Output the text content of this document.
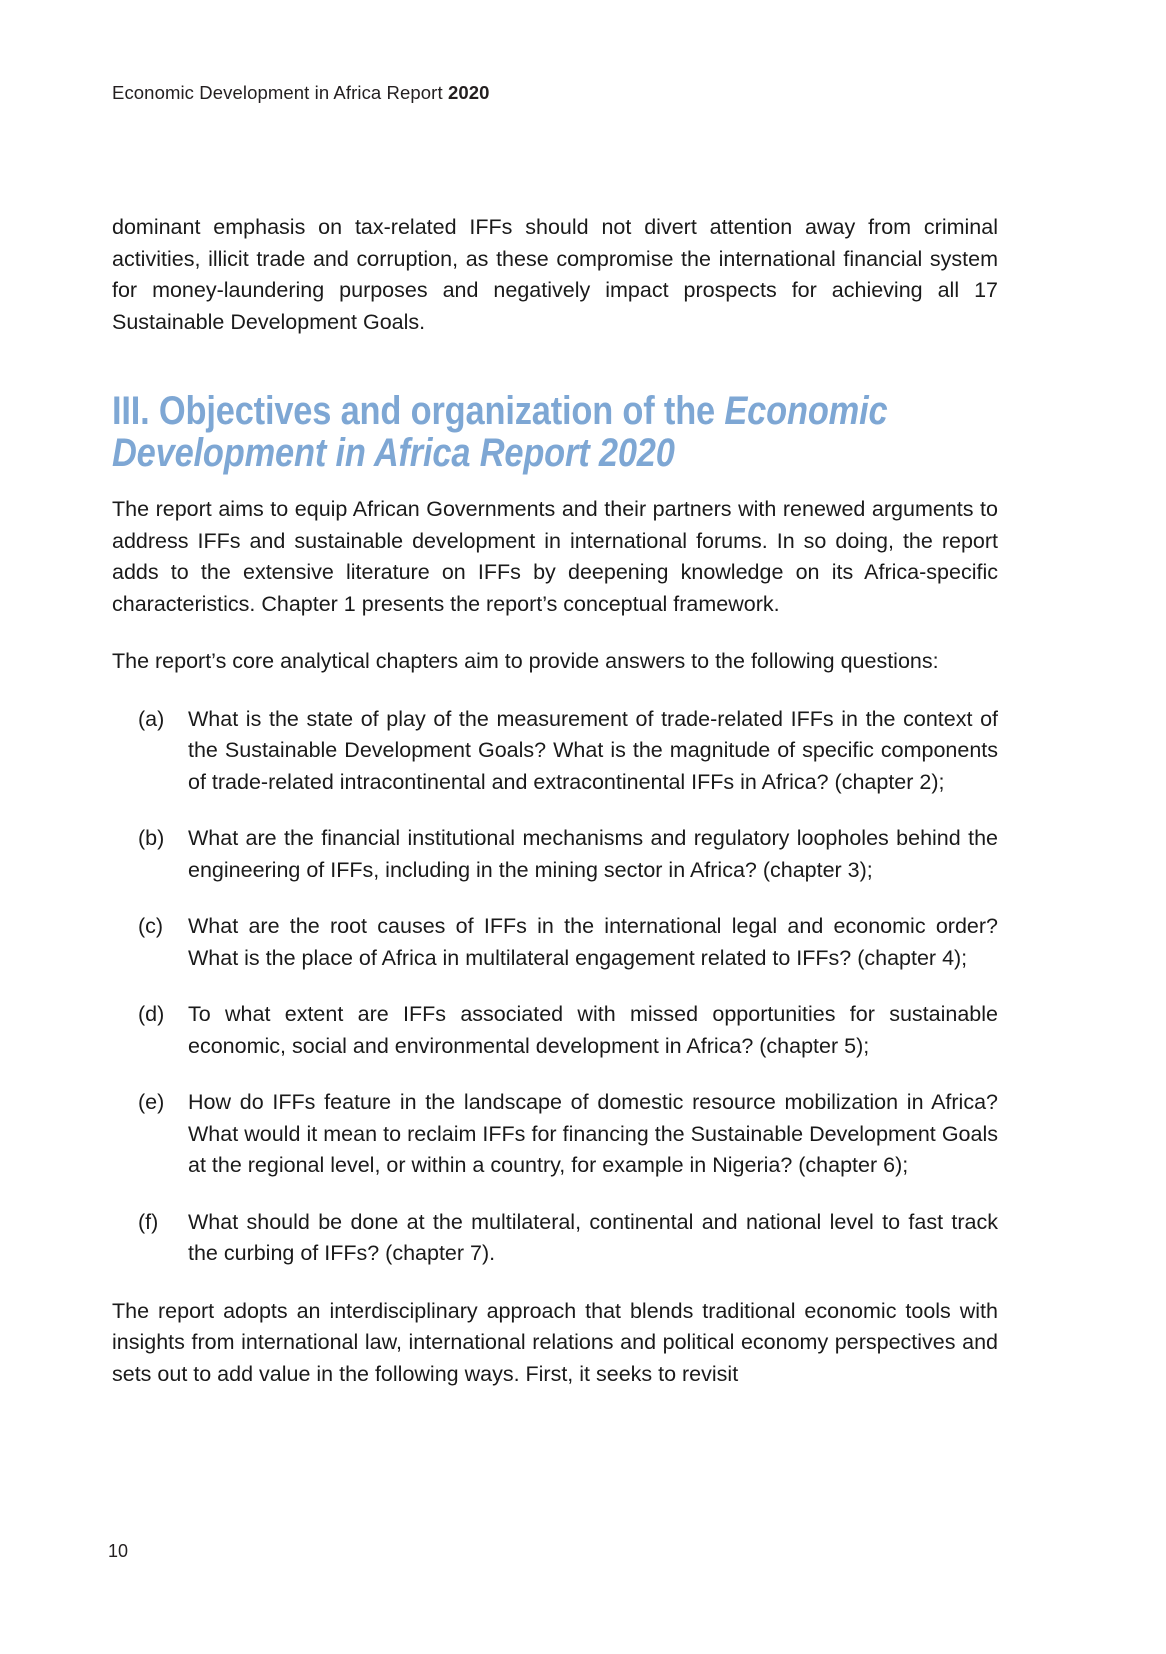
Economic Development in Africa Report 2020

dominant emphasis on tax-related IFFs should not divert attention away from criminal activities, illicit trade and corruption, as these compromise the international financial system for money-laundering purposes and negatively impact prospects for achieving all 17 Sustainable Development Goals.

III. Objectives and organization of the Economic
Development in Africa Report 2020

The report aims to equip African Governments and their partners with renewed arguments to address IFFs and sustainable development in international forums. In so doing, the report adds to the extensive literature on IFFs by deepening knowledge on its Africa-specific characteristics. Chapter 1 presents the report’s conceptual framework.

The report’s core analytical chapters aim to provide answers to the following questions:

(a) What is the state of play of the measurement of trade-related IFFs in the context of the Sustainable Development Goals? What is the magnitude of specific components of trade-related intracontinental and extracontinental IFFs in Africa? (chapter 2);
(b) What are the financial institutional mechanisms and regulatory loopholes behind the engineering of IFFs, including in the mining sector in Africa? (chapter 3);
(c) What are the root causes of IFFs in the international legal and economic order? What is the place of Africa in multilateral engagement related to IFFs? (chapter 4);
(d) To what extent are IFFs associated with missed opportunities for sustainable economic, social and environmental development in Africa? (chapter 5);
(e) How do IFFs feature in the landscape of domestic resource mobilization in Africa? What would it mean to reclaim IFFs for financing the Sustainable Development Goals at the regional level, or within a country, for example in Nigeria? (chapter 6);
(f) What should be done at the multilateral, continental and national level to fast track the curbing of IFFs? (chapter 7).

The report adopts an interdisciplinary approach that blends traditional economic tools with insights from international law, international relations and political economy perspectives and sets out to add value in the following ways. First, it seeks to revisit

10
